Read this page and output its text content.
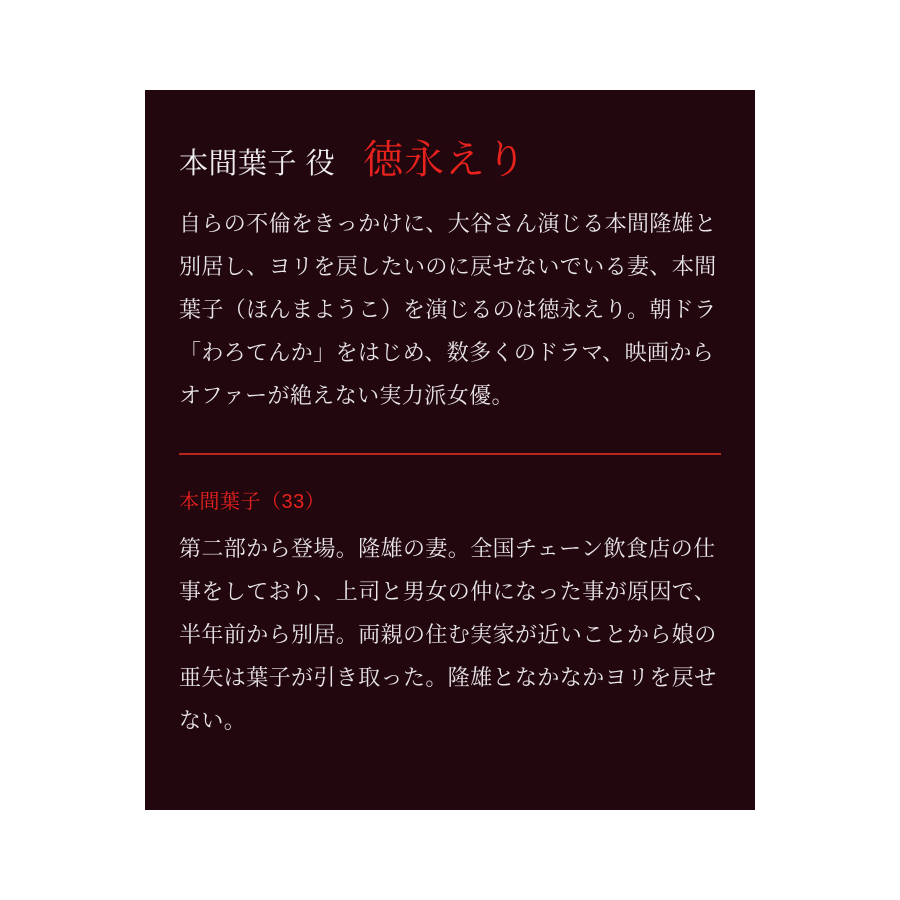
本間葉子 役 徳永えり

自らの不倫をきっかけに、大谷さん演じる本間隆雄と別居し、ヨリを戻したいのに戻せないでいる妻、本間葉子（ほんまようこ）を演じるのは徳永えり。朝ドラ「わろてんか」をはじめ、数多くのドラマ、映画からオファーが絶えない実力派女優。

本間葉子（33）

第二部から登場。隆雄の妻。全国チェーン飲食店の仕事をしており、上司と男女の仲になった事が原因で、半年前から別居。両親の住む実家が近いことから娘の亜矢は葉子が引き取った。隆雄となかなかヨリを戻せない。
